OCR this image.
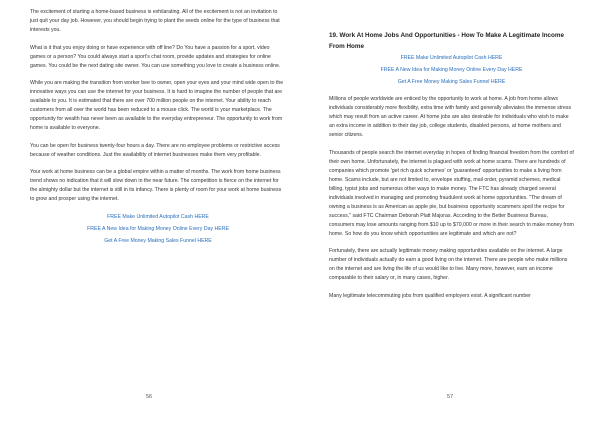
The excitement of starting a home-based business is exhilarating. All of the excitement is not an invitation to just quit your day job. However, you should begin trying to plant the seeds online for the type of business that interests you.

What is it that you enjoy doing or have experience with off line? Do You have a passion for a sport, video games or a person? You could always start a sport's chat room, provide updates and strategies for online games. You could be the next dating site owner. You can use something you love to create a business online.

While you are making the transition from worker bee to owner, open your eyes and your mind wide open to the innovative ways you can use the internet for your business. It is hard to imagine the number of people that are available to you. It is estimated that there are over 700 million people on the internet. Your ability to reach customers from all over the world has been reduced to a mouse click. The world is your marketplace. The opportunity for wealth has never been as available to the everyday entrepreneur. The opportunity to work from home is available to everyone.

You can be open for business twenty-four hours a day. There are no employee problems or restrictive access because of weather conditions. Just the availability of internet businesses make them very profitable.

Your work at home business can be a global empire within a matter of months. The work from home business trend shows no indication that it will slow down in the near future. The competition is fierce on the internet for the almighty dollar but the internet is still in its infancy. There is plenty of room for your work at home business to grow and prosper using the internet.

FREE Make Unlimited Autopilot Cash HERE
FREE A New Idea for Making Money Online Every Day HERE
Get A Free Money Making Sales Funnel HERE
56
19. Work At Home Jobs And Opportunities - How To Make A Legitimate Income From Home
FREE Make Unlimited Autopilot Cash HERE
FREE A New Idea for Making Money Online Every Day HERE
Get A Free Money Making Sales Funnel HERE

Millions of people worldwide are enticed by the opportunity to work at home. A job from home allows individuals considerably more flexibility, extra time with family and generally alleviates the immense stress which may result from an active career. At home jobs are also desirable for individuals who wish to make an extra income in addition to their day job, college students, disabled persons, at home mothers and senior citizens.

Thousands of people search the internet everyday in hopes of finding financial freedom from the comfort of their own home. Unfortunately, the internet is plagued with work at home scams. There are hundreds of companies which promote 'get rich quick schemes' or 'guaranteed' opportunities to make a living from home. Scams include, but are not limited to, envelope stuffing, mail order, pyramid schemes, medical billing, typist jobs and numerous other ways to make money. The FTC has already charged several individuals involved in managing and promoting fraudulent work at home opportunities. "The dream of owning a business is as American as apple pie, but business opportunity scammers spoil the recipe for success," said FTC Chairman Deborah Platt Majoras. According to the Better Business Bureau, consumers may lose amounts ranging from $10 up to $70,000 or more in their search to make money from home. So how do you know which opportunities are legitimate and which are not?

Fortunately, there are actually legitimate money making opportunities available on the internet. A large number of individuals actually do earn a good living on the internet. There are people who make millions on the internet and are living the life of us would like to live. Many more, however, earn an income comparable to their salary or, in many cases, higher.

Many legitimate telecommuting jobs from qualified employers exist. A significant number

57
